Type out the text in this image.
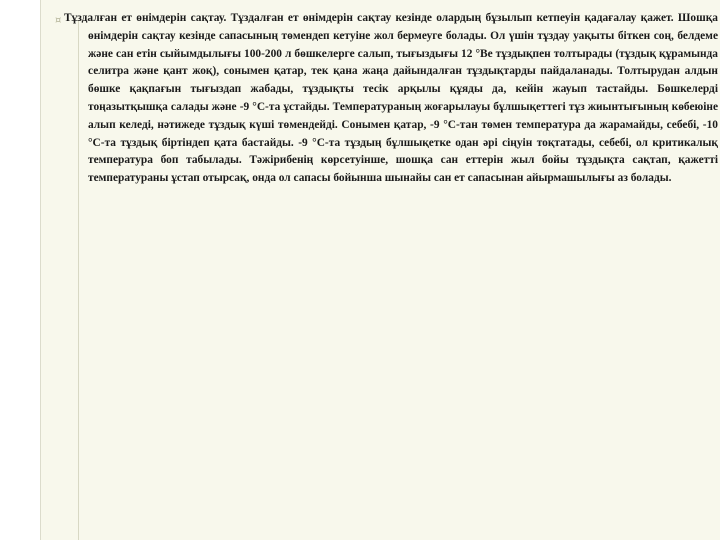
¤ Тұздалған ет өнімдерін сақтау. Тұздалған ет өнімдерін сақтау кезінде олардың бұзылып кетпеуін қадағалау қажет. Шошқа өнімдерін сақтау кезінде сапасының төмендеп кетуіне жол бермеуге болады. Ол үшін тұздау уақыты біткен соң, белдеме және сан етін сыйымдылығы 100-200 л бөшкелерге салып, тығыздығы 12 °Ве тұздықпен толтырады (тұздық құрамында селитра және қант жоқ), сонымен қатар, тек қана жаңа дайындалған тұздықтарды пайдаланады. Толтырудан алдын бөшке қақпағын тығыздап жабады, тұздықты тесік арқылы құяды да, кейін жауып тастайды. Бөшкелерді тоңазытқышқа салады және -9 °С-та ұстайды. Температураның жоғарылауы бұлшықеттегі тұз жиынтығының көбеюіне алып келеді, нәтижеде тұздық күші төмендейді. Сонымен қатар, -9 °С-тан төмен температура да жарамайды, себебі, -10 °С-та тұздық біртіндеп қата бастайды. -9 °С-та тұздың бұлшықетке одан әрі сіңуін тоқтатады, себебі, ол критикалық температура боп табылады. Тәжірибенің көрсетуінше, шошқа сан еттерін жыл бойы тұздықта сақтап, қажетті температураны ұстап отырсақ, онда ол сапасы бойынша шынайы сан ет сапасынан айырмашылығы аз болады.
